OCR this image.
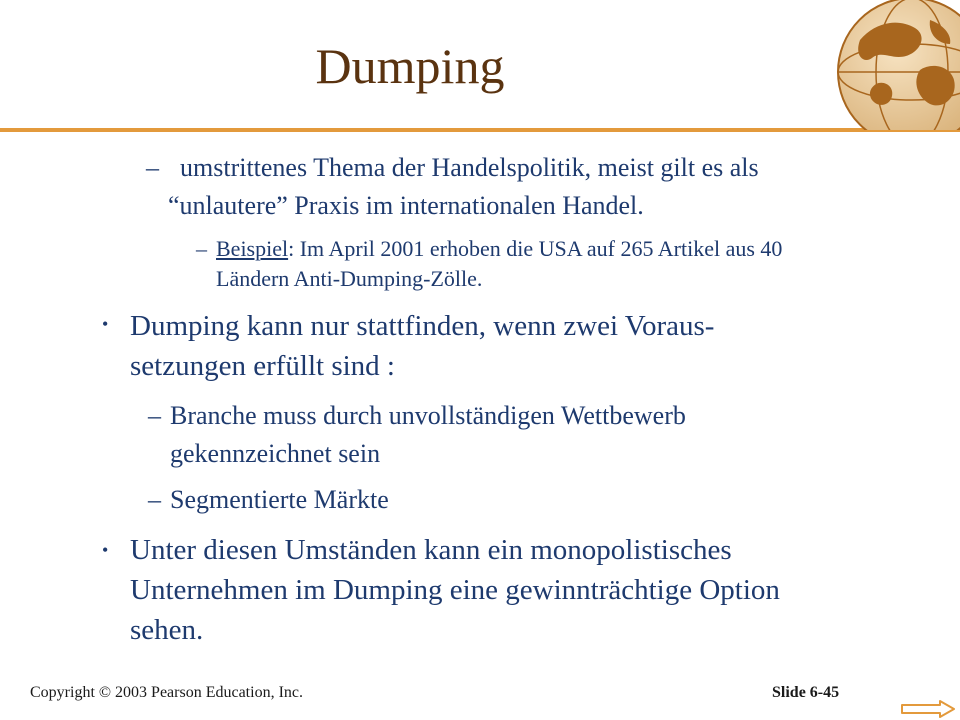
Dumping
– umstrittenes Thema der Handelspolitik, meist gilt es als
“unlautere” Praxis im internationalen Handel.
– Beispiel: Im April 2001 erhoben die USA auf 265 Artikel aus 40
Ländern Anti-Dumping-Zölle.
• Dumping kann nur stattfinden, wenn zwei Voraus-
setzungen erfüllt sind :
– Branche muss durch unvollständigen Wettbewerb
gekennzeichnet sein
– Segmentierte Märkte
• Unter diesen Umständen kann ein monopolistisches
Unternehmen im Dumping eine gewinnträchtige Option
sehen.
Copyright © 2003 Pearson Education, Inc.	Slide 6-45
